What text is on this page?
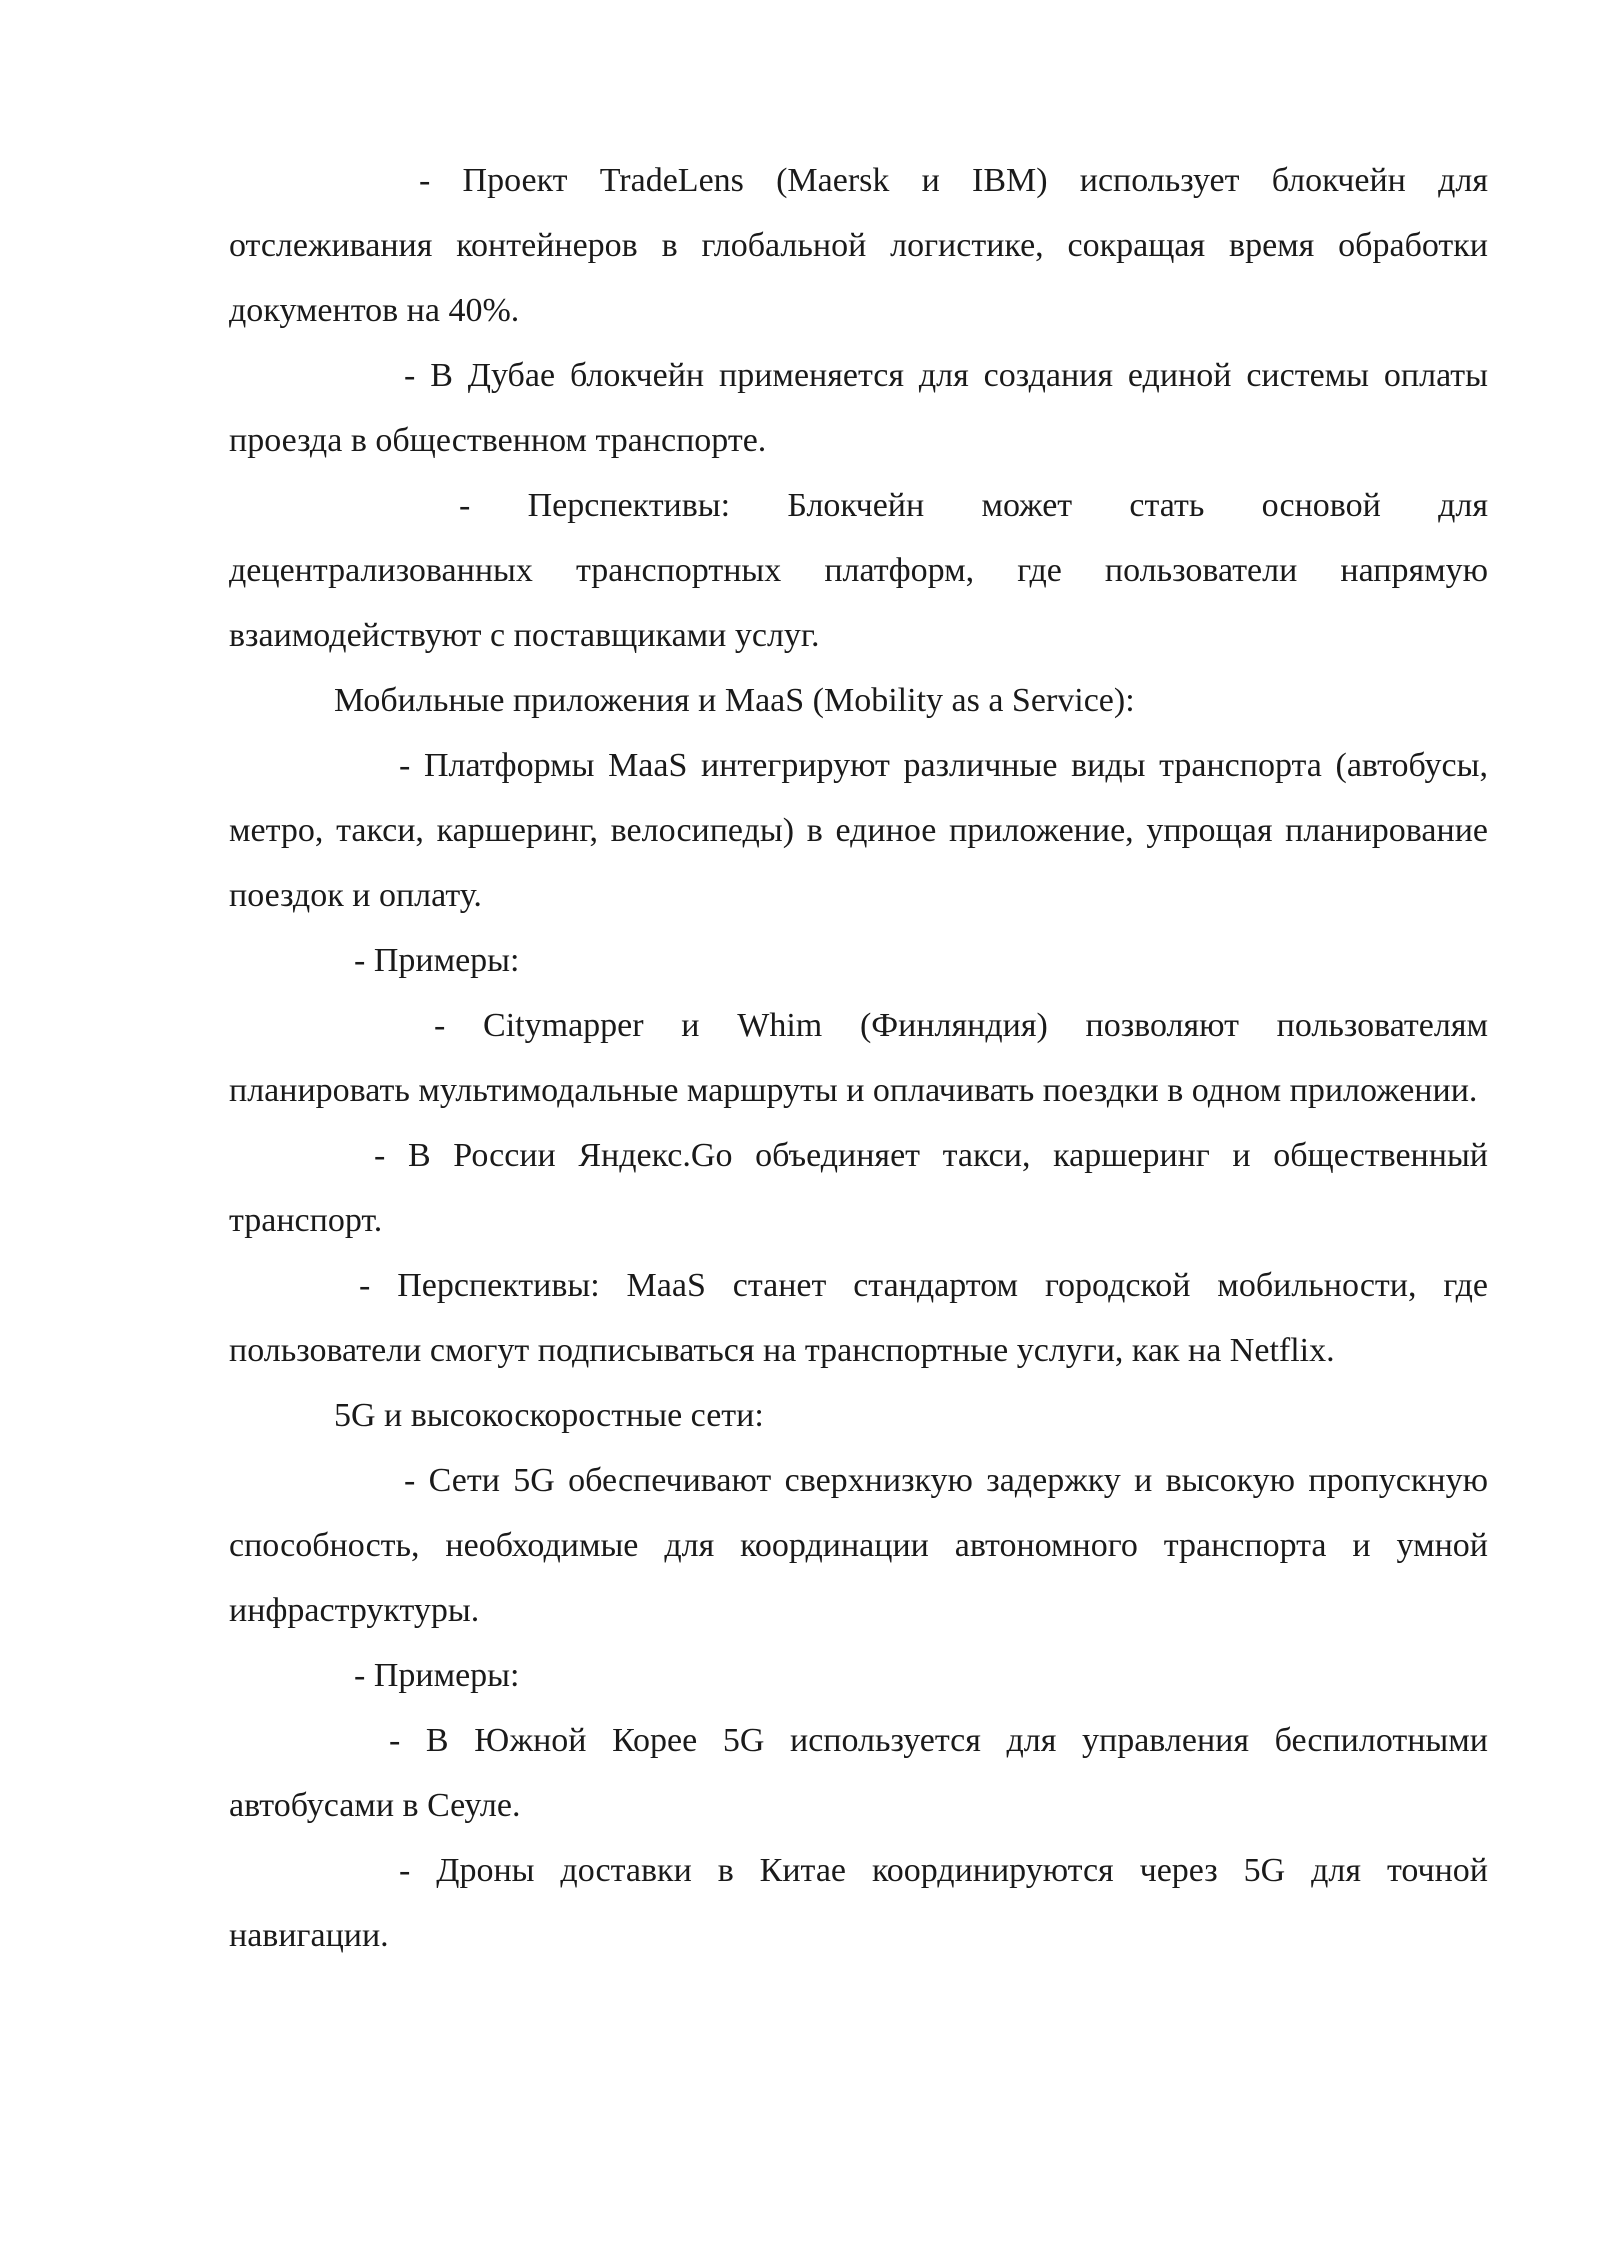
- Проект TradeLens (Maersk и IBM) использует блокчейн для отслеживания контейнеров в глобальной логистике, сокращая время обработки документов на 40%.

- В Дубае блокчейн применяется для создания единой системы оплаты проезда в общественном транспорте.

- Перспективы: Блокчейн может стать основой для децентрализованных транспортных платформ, где пользователи напрямую взаимодействуют с поставщиками услуг.

Мобильные приложения и MaaS (Mobility as a Service):

- Платформы MaaS интегрируют различные виды транспорта (автобусы, метро, такси, каршеринг, велосипеды) в единое приложение, упрощая планирование поездок и оплату.

- Примеры:

- Citymapper и Whim (Финляндия) позволяют пользователям планировать мультимодальные маршруты и оплачивать поездки в одном приложении.

- В России Яндекс.Go объединяет такси, каршеринг и общественный транспорт.

- Перспективы: MaaS станет стандартом городской мобильности, где пользователи смогут подписываться на транспортные услуги, как на Netflix.

5G и высокоскоростные сети:

- Сети 5G обеспечивают сверхнизкую задержку и высокую пропускную способность, необходимые для координации автономного транспорта и умной инфраструктуры.

- Примеры:

- В Южной Корее 5G используется для управления беспилотными автобусами в Сеуле.

- Дроны доставки в Китае координируются через 5G для точной навигации.
